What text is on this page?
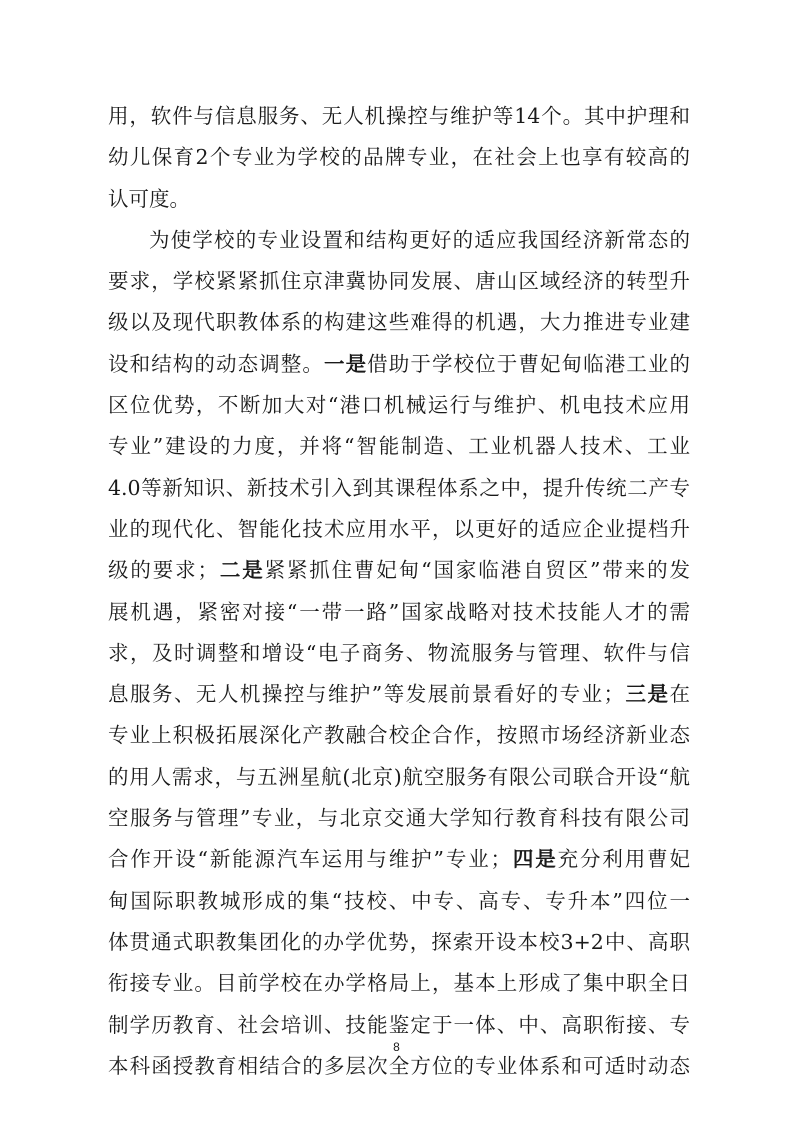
用，软件与信息服务、无人机操控与维护等14个。其中护理和
幼儿保育2个专业为学校的品牌专业，在社会上也享有较高的
认可度。
为使学校的专业设置和结构更好的适应我国经济新常态的
要求，学校紧紧抓住京津冀协同发展、唐山区域经济的转型升
级以及现代职教体系的构建这些难得的机遇，大力推进专业建
设和结构的动态调整。一是借助于学校位于曹妃甸临港工业的
区位优势，不断加大对“港口机械运行与维护、机电技术应用
专业”建设的力度，并将“智能制造、工业机器人技术、工业
4.0等新知识、新技术引入到其课程体系之中，提升传统二产专
业的现代化、智能化技术应用水平，以更好的适应企业提档升
级的要求；二是紧紧抓住曹妃甸“国家临港自贸区”带来的发
展机遇，紧密对接“一带一路”国家战略对技术技能人才的需
求，及时调整和增设“电子商务、物流服务与管理、软件与信
息服务、无人机操控与维护”等发展前景看好的专业；三是在
专业上积极拓展深化产教融合校企合作，按照市场经济新业态
的用人需求，与五洲星航(北京)航空服务有限公司联合开设“航
空服务与管理”专业，与北京交通大学知行教育科技有限公司
合作开设“新能源汽车运用与维护”专业；四是充分利用曹妃
甸国际职教城形成的集“技校、中专、高专、专升本”四位一
体贯通式职教集团化的办学优势，探索开设本校3+2中、高职
衔接专业。目前学校在办学格局上，基本上形成了集中职全日
制学历教育、社会培训、技能鉴定于一体、中、高职衔接、专
本科函授教育相结合的多层次全方位的专业体系和可适时动态
8
